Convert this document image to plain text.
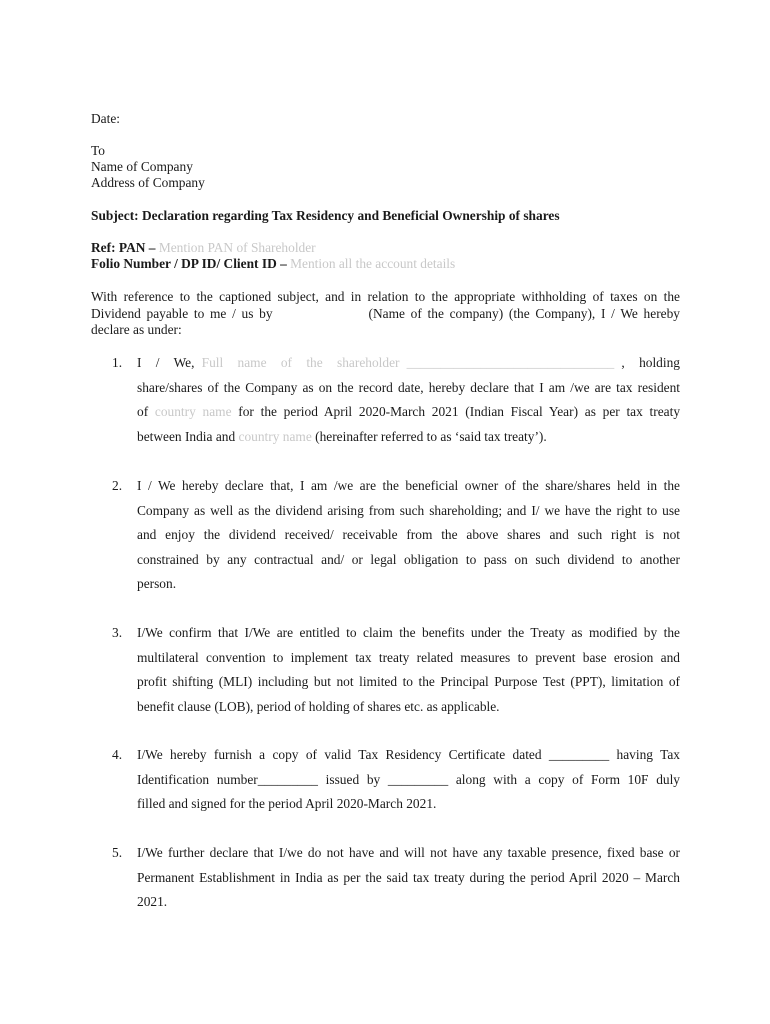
Date:
To
Name of Company
Address of Company
Subject: Declaration regarding Tax Residency and Beneficial Ownership of shares
Ref: PAN – Mention PAN of Shareholder
Folio Number / DP ID/ Client ID – Mention all the account details
With reference to the captioned subject, and in relation to the appropriate withholding of taxes on the
Dividend payable to me / us by	(Name of the company) (the Company), I / We hereby
declare as under:
1. I  /  We, Full  name  of  the  shareholder _______________________________ ,  holding
share/shares of the Company as on the record date, hereby declare that I am /we are tax resident
of country name for the period April 2020-March 2021 (Indian Fiscal Year) as per tax treaty
between India and country name (hereinafter referred to as ‘said tax treaty’).
2. I / We hereby declare that, I am /we are the beneficial owner of the share/shares held in the
Company as well as the dividend arising from such shareholding; and I/ we have the right to use
and enjoy the dividend received/ receivable from the above shares and such right is not
constrained by any contractual and/ or legal obligation to pass on such dividend to another
person.
3. I/We confirm that I/We are entitled to claim the benefits under the Treaty as modified by the
multilateral convention to implement tax treaty related measures to prevent base erosion and
profit shifting (MLI) including but not limited to the Principal Purpose Test (PPT), limitation of
benefit clause (LOB), period of holding of shares etc. as applicable.
4. I/We hereby furnish a copy of valid Tax Residency Certificate dated _________ having Tax
Identification number_________ issued by _________ along with a copy of Form 10F duly
filled and signed for the period April 2020-March 2021.
5. I/We further declare that I/we do not have and will not have any taxable presence, fixed base or
Permanent Establishment in India as per the said tax treaty during the period April 2020 – March
2021.
